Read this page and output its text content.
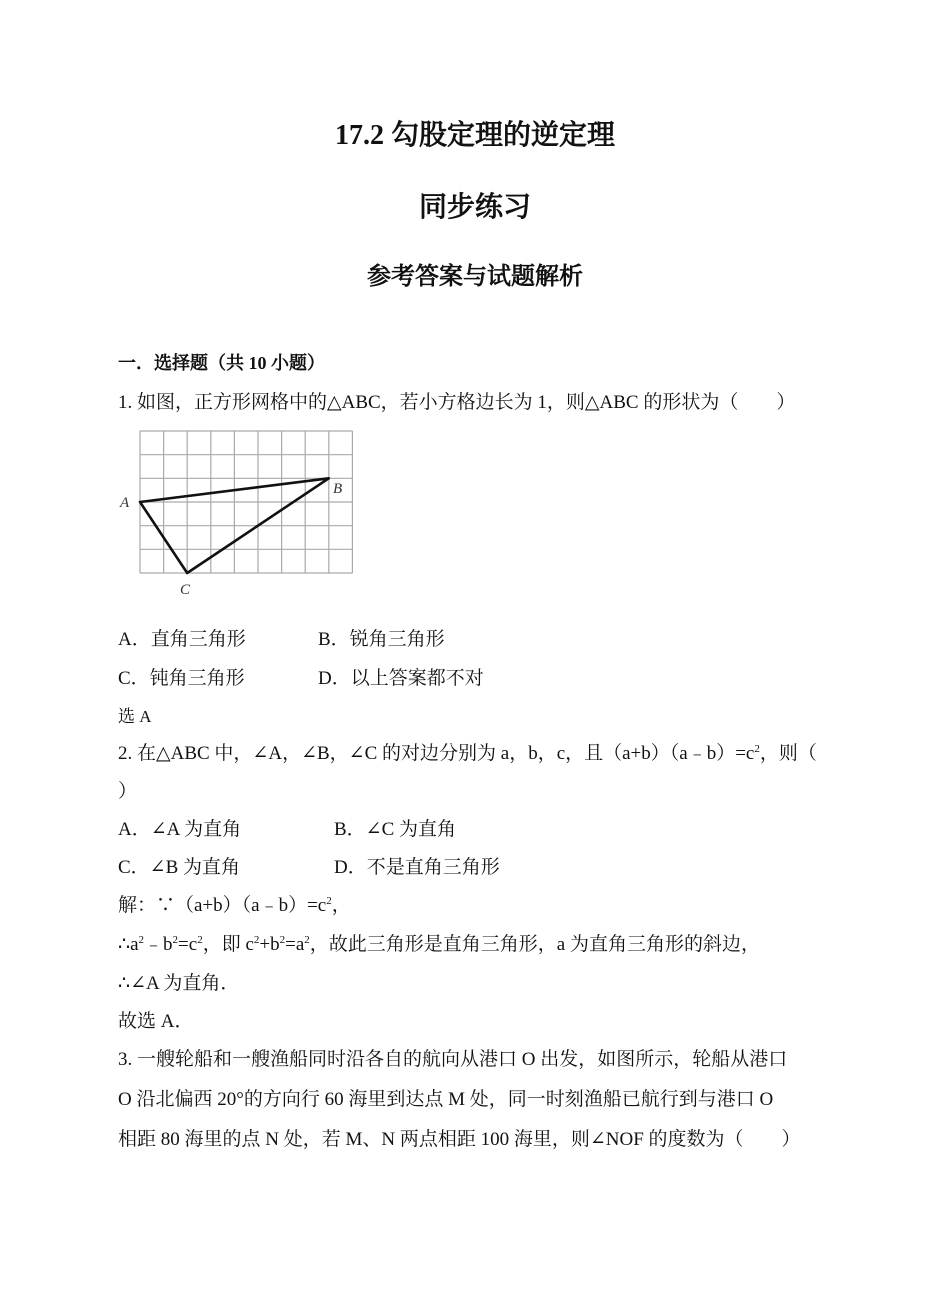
17.2 勾股定理的逆定理
同步练习
参考答案与试题解析
一．选择题（共 10 小题）
1. 如图，正方形网格中的△ABC，若小方格边长为 1，则△ABC 的形状为（　　）
A
B
C
A．直角三角形	B．锐角三角形
C．钝角三角形	D．以上答案都不对
选 A
2. 在△ABC 中，∠A，∠B，∠C 的对边分别为 a，b，c，且$(a+b)(a﹣b)=c^2$，则（
）
A．∠A 为直角	B．∠C 为直角
C．∠B 为直角	D．不是直角三角形
解：$\because(a+b)(a﹣b)=c^2$，
$\therefore a^2﹣b^2=c^2$，即 $c^2+b^2=a^2$，故此三角形是直角三角形，a 为直角三角形的斜边，
∴∠A 为直角．
故选 A．
3. 一艘轮船和一艘渔船同时沿各自的航向从港口 O 出发，如图所示，轮船从港口
O 沿北偏西 20°的方向行 60 海里到达点 M 处，同一时刻渔船已航行到与港口 O
相距 80 海里的点 N 处，若 M、N 两点相距 100 海里，则∠NOF 的度数为（　　）
